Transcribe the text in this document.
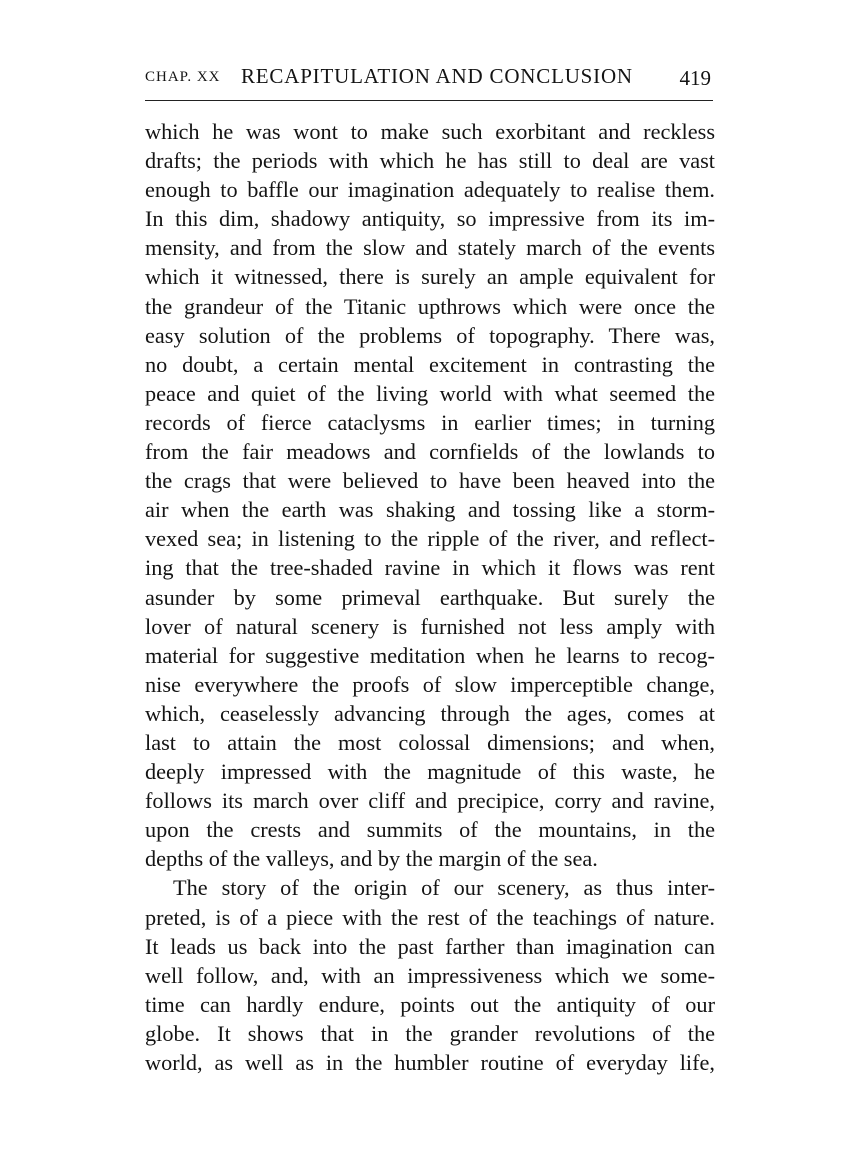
CHAP. XX RECAPITULATION AND CONCLUSION 419
which he was wont to make such exorbitant and reckless
drafts; the periods with which he has still to deal are vast
enough to baffle our imagination adequately to realise them.
In this dim, shadowy antiquity, so impressive from its im-
mensity, and from the slow and stately march of the events
which it witnessed, there is surely an ample equivalent for
the grandeur of the Titanic upthrows which were once the
easy solution of the problems of topography. There was,
no doubt, a certain mental excitement in contrasting the
peace and quiet of the living world with what seemed the
records of fierce cataclysms in earlier times; in turning
from the fair meadows and cornfields of the lowlands to
the crags that were believed to have been heaved into the
air when the earth was shaking and tossing like a storm-
vexed sea; in listening to the ripple of the river, and reflect-
ing that the tree-shaded ravine in which it flows was rent
asunder by some primeval earthquake. But surely the
lover of natural scenery is furnished not less amply with
material for suggestive meditation when he learns to recog-
nise everywhere the proofs of slow imperceptible change,
which, ceaselessly advancing through the ages, comes at
last to attain the most colossal dimensions; and when,
deeply impressed with the magnitude of this waste, he
follows its march over cliff and precipice, corry and ravine,
upon the crests and summits of the mountains, in the
depths of the valleys, and by the margin of the sea.
The story of the origin of our scenery, as thus inter-
preted, is of a piece with the rest of the teachings of nature.
It leads us back into the past farther than imagination can
well follow, and, with an impressiveness which we some-
time can hardly endure, points out the antiquity of our
globe. It shows that in the grander revolutions of the
world, as well as in the humbler routine of everyday life,
